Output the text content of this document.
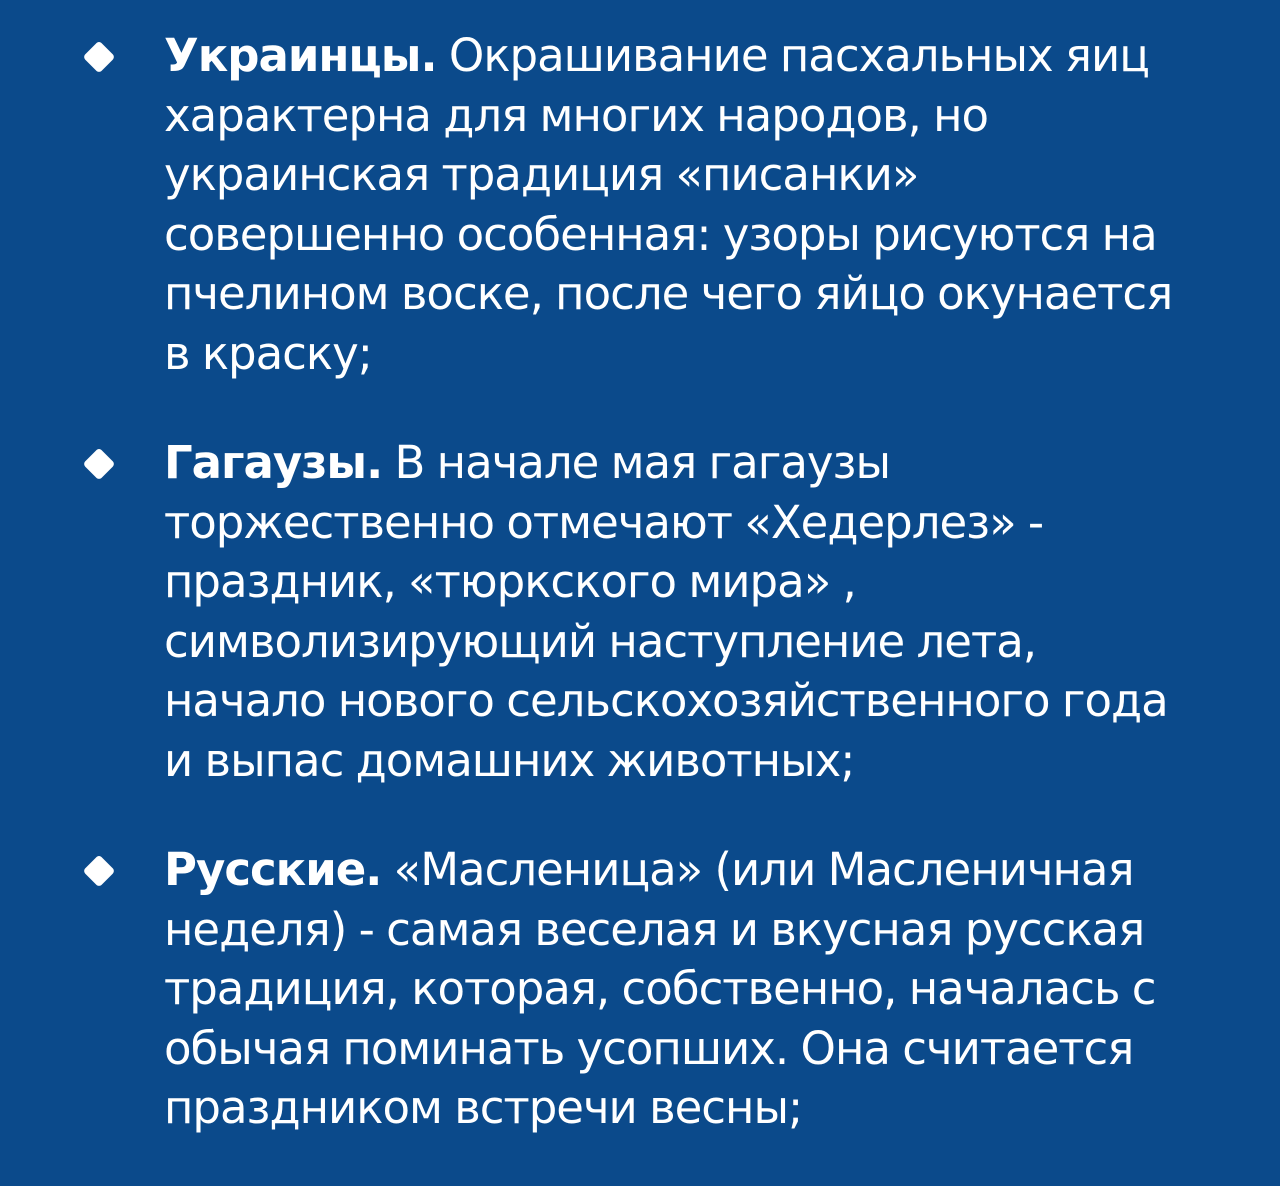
Украинцы. Окрашивание пасхальных яиц характерна для многих народов, но украинская традиция «писанки» совершенно особенная: узоры рисуются на пчелином воске, после чего яйцо окунается в краску;

Гагаузы. В начале мая гагаузы торжественно отмечают «Хедерлез» - праздник, «тюркского мира» , символизирующий наступление лета, начало нового сельскохозяйственного года и выпас домашних животных;

Русские. «Масленица» (или Масленичная неделя) - самая веселая и вкусная русская традиция, которая, собственно, началась с обычая поминать усопших. Она считается праздником встречи весны;
